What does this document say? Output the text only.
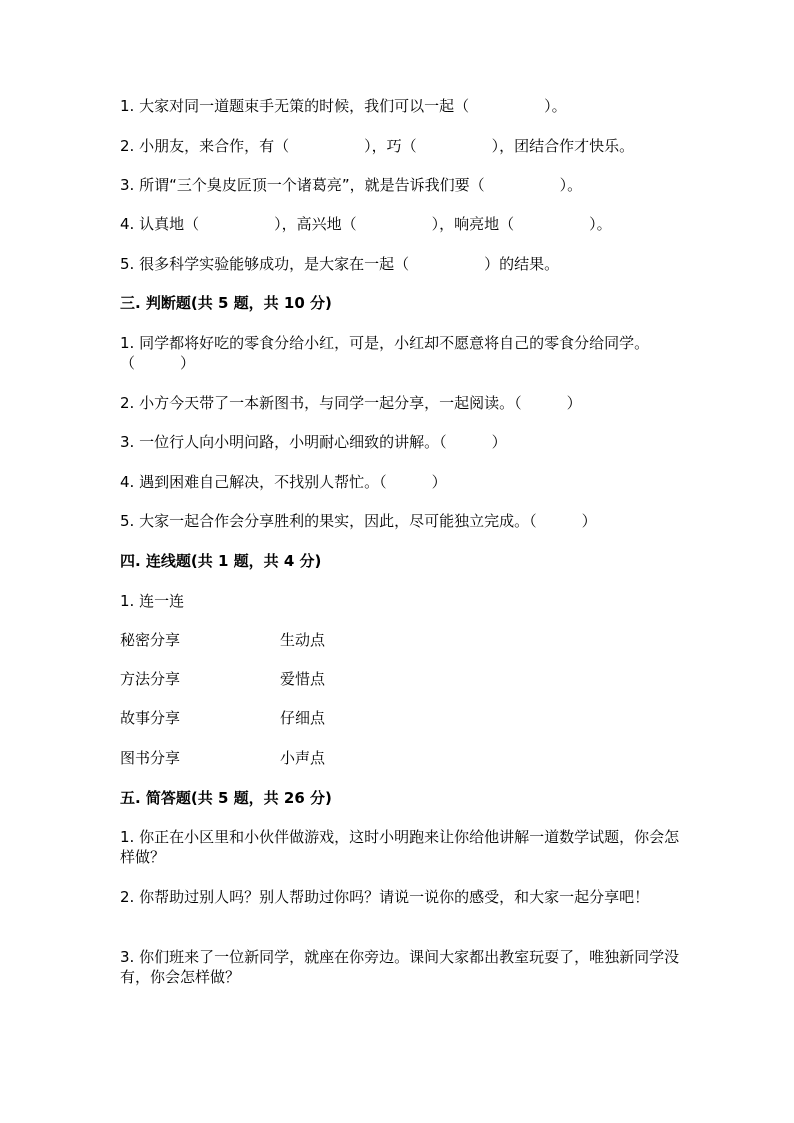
1. 大家对同一道题束手无策的时候，我们可以一起（　　　　　）。
2. 小朋友，来合作，有（　　　　　），巧（　　　　　），团结合作才快乐。
3. 所谓“三个臭皮匠顶一个诸葛亮”，就是告诉我们要（　　　　　）。
4. 认真地（　　　　　），高兴地（　　　　　），响亮地（　　　　　）。
5. 很多科学实验能够成功，是大家在一起（　　　　　）的结果。
三. 判断题(共 5 题，共 10 分)
1. 同学都将好吃的零食分给小红，可是，小红却不愿意将自己的零食分给同学。（　　　）
2. 小方今天带了一本新图书，与同学一起分享，一起阅读。（　　　）
3. 一位行人向小明问路，小明耐心细致的讲解。（　　　）
4. 遇到困难自己解决，不找别人帮忙。（　　　）
5. 大家一起合作会分享胜利的果实，因此，尽可能独立完成。（　　　）
四. 连线题(共 1 题，共 4 分)
1. 连一连
秘密分享	生动点
方法分享	爱惜点
故事分享	仔细点
图书分享	小声点
五. 简答题(共 5 题，共 26 分)
1. 你正在小区里和小伙伴做游戏，这时小明跑来让你给他讲解一道数学试题，你会怎样做？
2. 你帮助过别人吗？别人帮助过你吗？请说一说你的感受，和大家一起分享吧！
3. 你们班来了一位新同学，就座在你旁边。课间大家都出教室玩耍了，唯独新同学没有，你会怎样做？
